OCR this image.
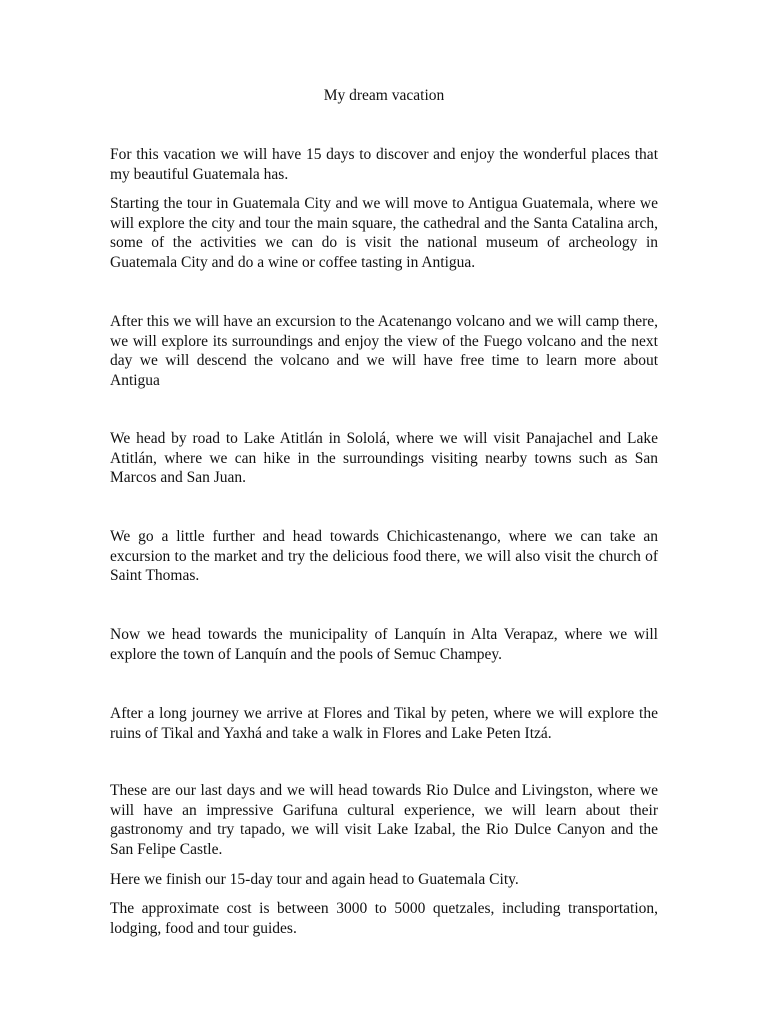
My dream vacation

For this vacation we will have 15 days to discover and enjoy the wonderful places that my beautiful Guatemala has.

Starting the tour in Guatemala City and we will move to Antigua Guatemala, where we will explore the city and tour the main square, the cathedral and the Santa Catalina arch, some of the activities we can do is visit the national museum of archeology in Guatemala City and do a wine or coffee tasting in Antigua.

After this we will have an excursion to the Acatenango volcano and we will camp there, we will explore its surroundings and enjoy the view of the Fuego volcano and the next day we will descend the volcano and we will have free time to learn more about Antigua

We head by road to Lake Atitlán in Sololá, where we will visit Panajachel and Lake Atitlán, where we can hike in the surroundings visiting nearby towns such as San Marcos and San Juan.

We go a little further and head towards Chichicastenango, where we can take an excursion to the market and try the delicious food there, we will also visit the church of Saint Thomas.

Now we head towards the municipality of Lanquín in Alta Verapaz, where we will explore the town of Lanquín and the pools of Semuc Champey.

After a long journey we arrive at Flores and Tikal by peten, where we will explore the ruins of Tikal and Yaxhá and take a walk in Flores and Lake Peten Itzá.

These are our last days and we will head towards Rio Dulce and Livingston, where we will have an impressive Garifuna cultural experience, we will learn about their gastronomy and try tapado, we will visit Lake Izabal, the Rio Dulce Canyon and the San Felipe Castle.

Here we finish our 15-day tour and again head to Guatemala City.

The approximate cost is between 3000 to 5000 quetzales, including transportation, lodging, food and tour guides.
